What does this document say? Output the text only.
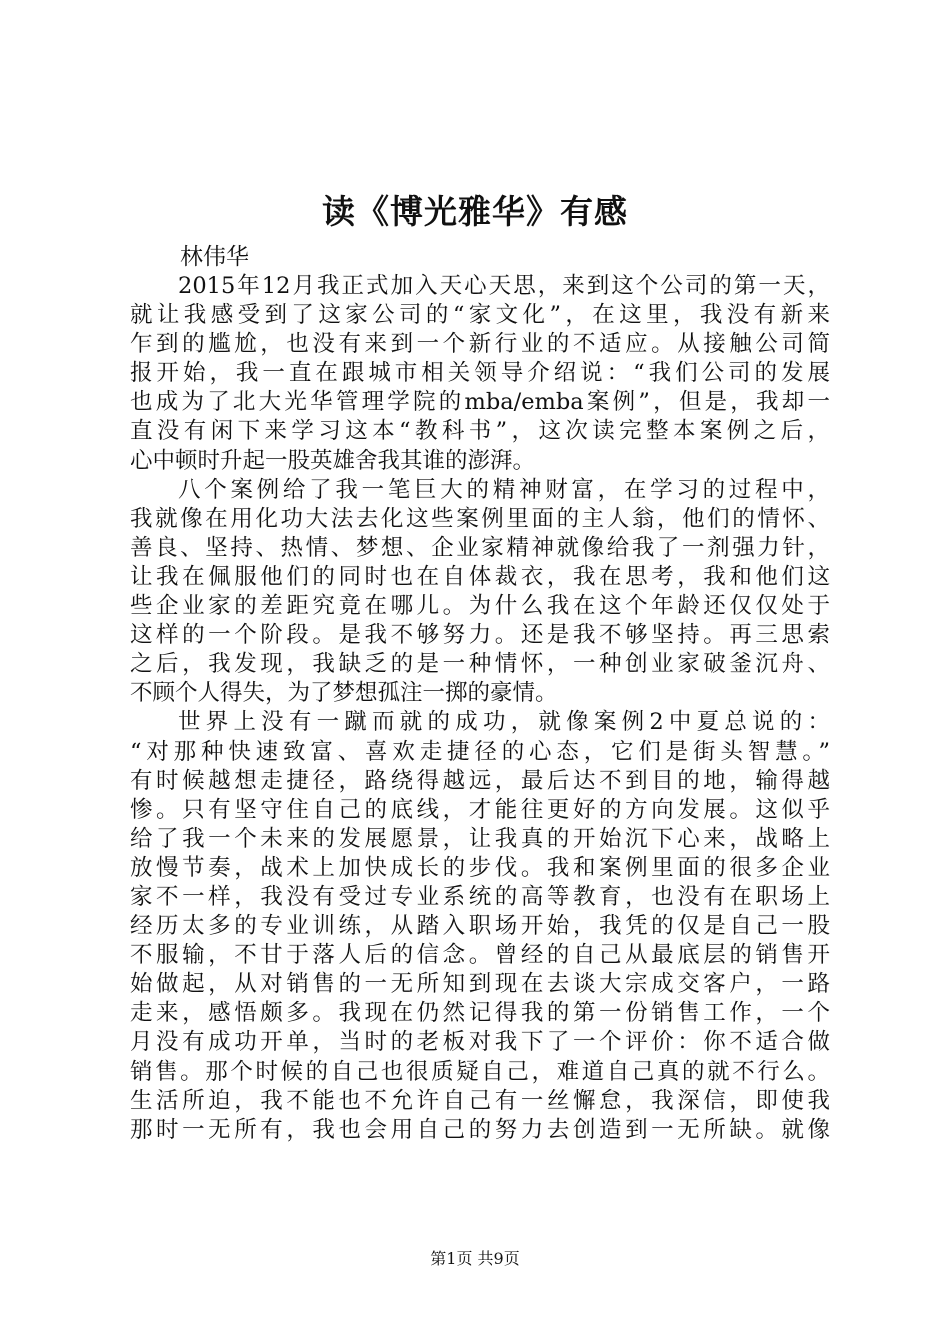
读《博光雅华》有感

林伟华

2015年12月我正式加入天心天思，来到这个公司的第一天，
就让我感受到了这家公司的“家文化”，在这里，我没有新来
乍到的尴尬，也没有来到一个新行业的不适应。从接触公司简
报开始，我一直在跟城市相关领导介绍说：“我们公司的发展
也成为了北大光华管理学院的mba/emba案例”，但是，我却一
直没有闲下来学习这本“教科书”，这次读完整本案例之后，
心中顿时升起一股英雄舍我其谁的澎湃。
八个案例给了我一笔巨大的精神财富，在学习的过程中，
我就像在用化功大法去化这些案例里面的主人翁，他们的情怀、
善良、坚持、热情、梦想、企业家精神就像给我了一剂强力针，
让我在佩服他们的同时也在自体裁衣，我在思考，我和他们这
些企业家的差距究竟在哪儿。为什么我在这个年龄还仅仅处于
这样的一个阶段。是我不够努力。还是我不够坚持。再三思索
之后，我发现，我缺乏的是一种情怀，一种创业家破釜沉舟、
不顾个人得失，为了梦想孤注一掷的豪情。
世界上没有一蹴而就的成功，就像案例2中夏总说的：
“对那种快速致富、喜欢走捷径的心态，它们是街头智慧。”
有时候越想走捷径，路绕得越远，最后达不到目的地，输得越
惨。只有坚守住自己的底线，才能往更好的方向发展。这似乎
给了我一个未来的发展愿景，让我真的开始沉下心来，战略上
放慢节奏，战术上加快成长的步伐。我和案例里面的很多企业
家不一样，我没有受过专业系统的高等教育，也没有在职场上
经历太多的专业训练，从踏入职场开始，我凭的仅是自己一股
不服输，不甘于落人后的信念。曾经的自己从最底层的销售开
始做起，从对销售的一无所知到现在去谈大宗成交客户，一路
走来，感悟颇多。我现在仍然记得我的第一份销售工作，一个
月没有成功开单，当时的老板对我下了一个评价：你不适合做
销售。那个时候的自己也很质疑自己，难道自己真的就不行么。
生活所迫，我不能也不允许自己有一丝懈怠，我深信，即使我
那时一无所有，我也会用自己的努力去创造到一无所缺。就像

第1页 共9页
